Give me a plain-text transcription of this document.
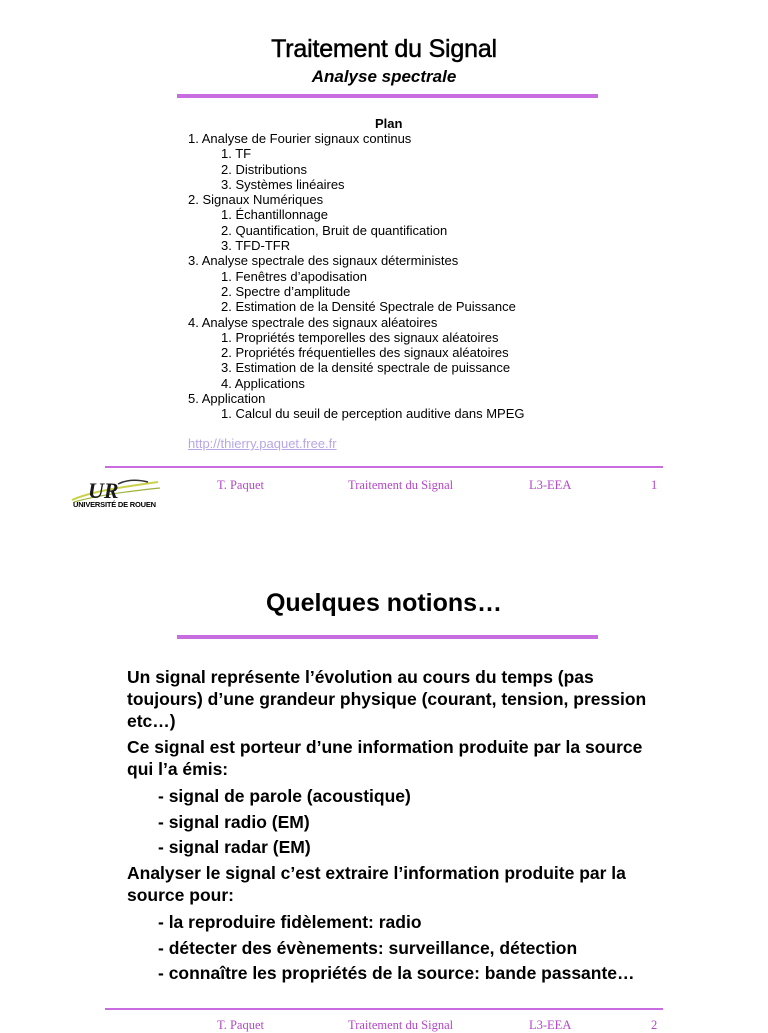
Traitement du Signal
Analyse spectrale
Plan
1. Analyse de Fourier signaux continus
1. TF
2. Distributions
3. Systèmes linéaires
2. Signaux Numériques
1. Échantillonnage
2. Quantification, Bruit de quantification
3. TFD-TFR
3. Analyse spectrale des signaux déterministes
1. Fenêtres d’apodisation
2. Spectre d’amplitude
2. Estimation de la Densité Spectrale de Puissance
4. Analyse spectrale des signaux aléatoires
1. Propriétés temporelles des signaux aléatoires
2. Propriétés fréquentielles des signaux aléatoires
3. Estimation de la densité spectrale de puissance
4. Applications
5. Application
1. Calcul du seuil de perception auditive dans MPEG
http://thierry.paquet.free.fr
UR
UNIVERSITÉ DE ROUEN
T. Paquet	Traitement du Signal	L3-EEA	1
Quelques notions…
Un signal représente l’évolution au cours du temps (pas toujours) d’une grandeur physique (courant, tension, pression etc…)
Ce signal est porteur d’une information produite par la source qui l’a émis:
- signal de parole (acoustique)
- signal radio (EM)
- signal radar (EM)
Analyser le signal c’est extraire l’information produite par la source pour:
- la reproduire fidèlement: radio
- détecter des évènements: surveillance, détection
- connaître les propriétés de la source: bande passante…
T. Paquet	Traitement du Signal	L3-EEA	2
